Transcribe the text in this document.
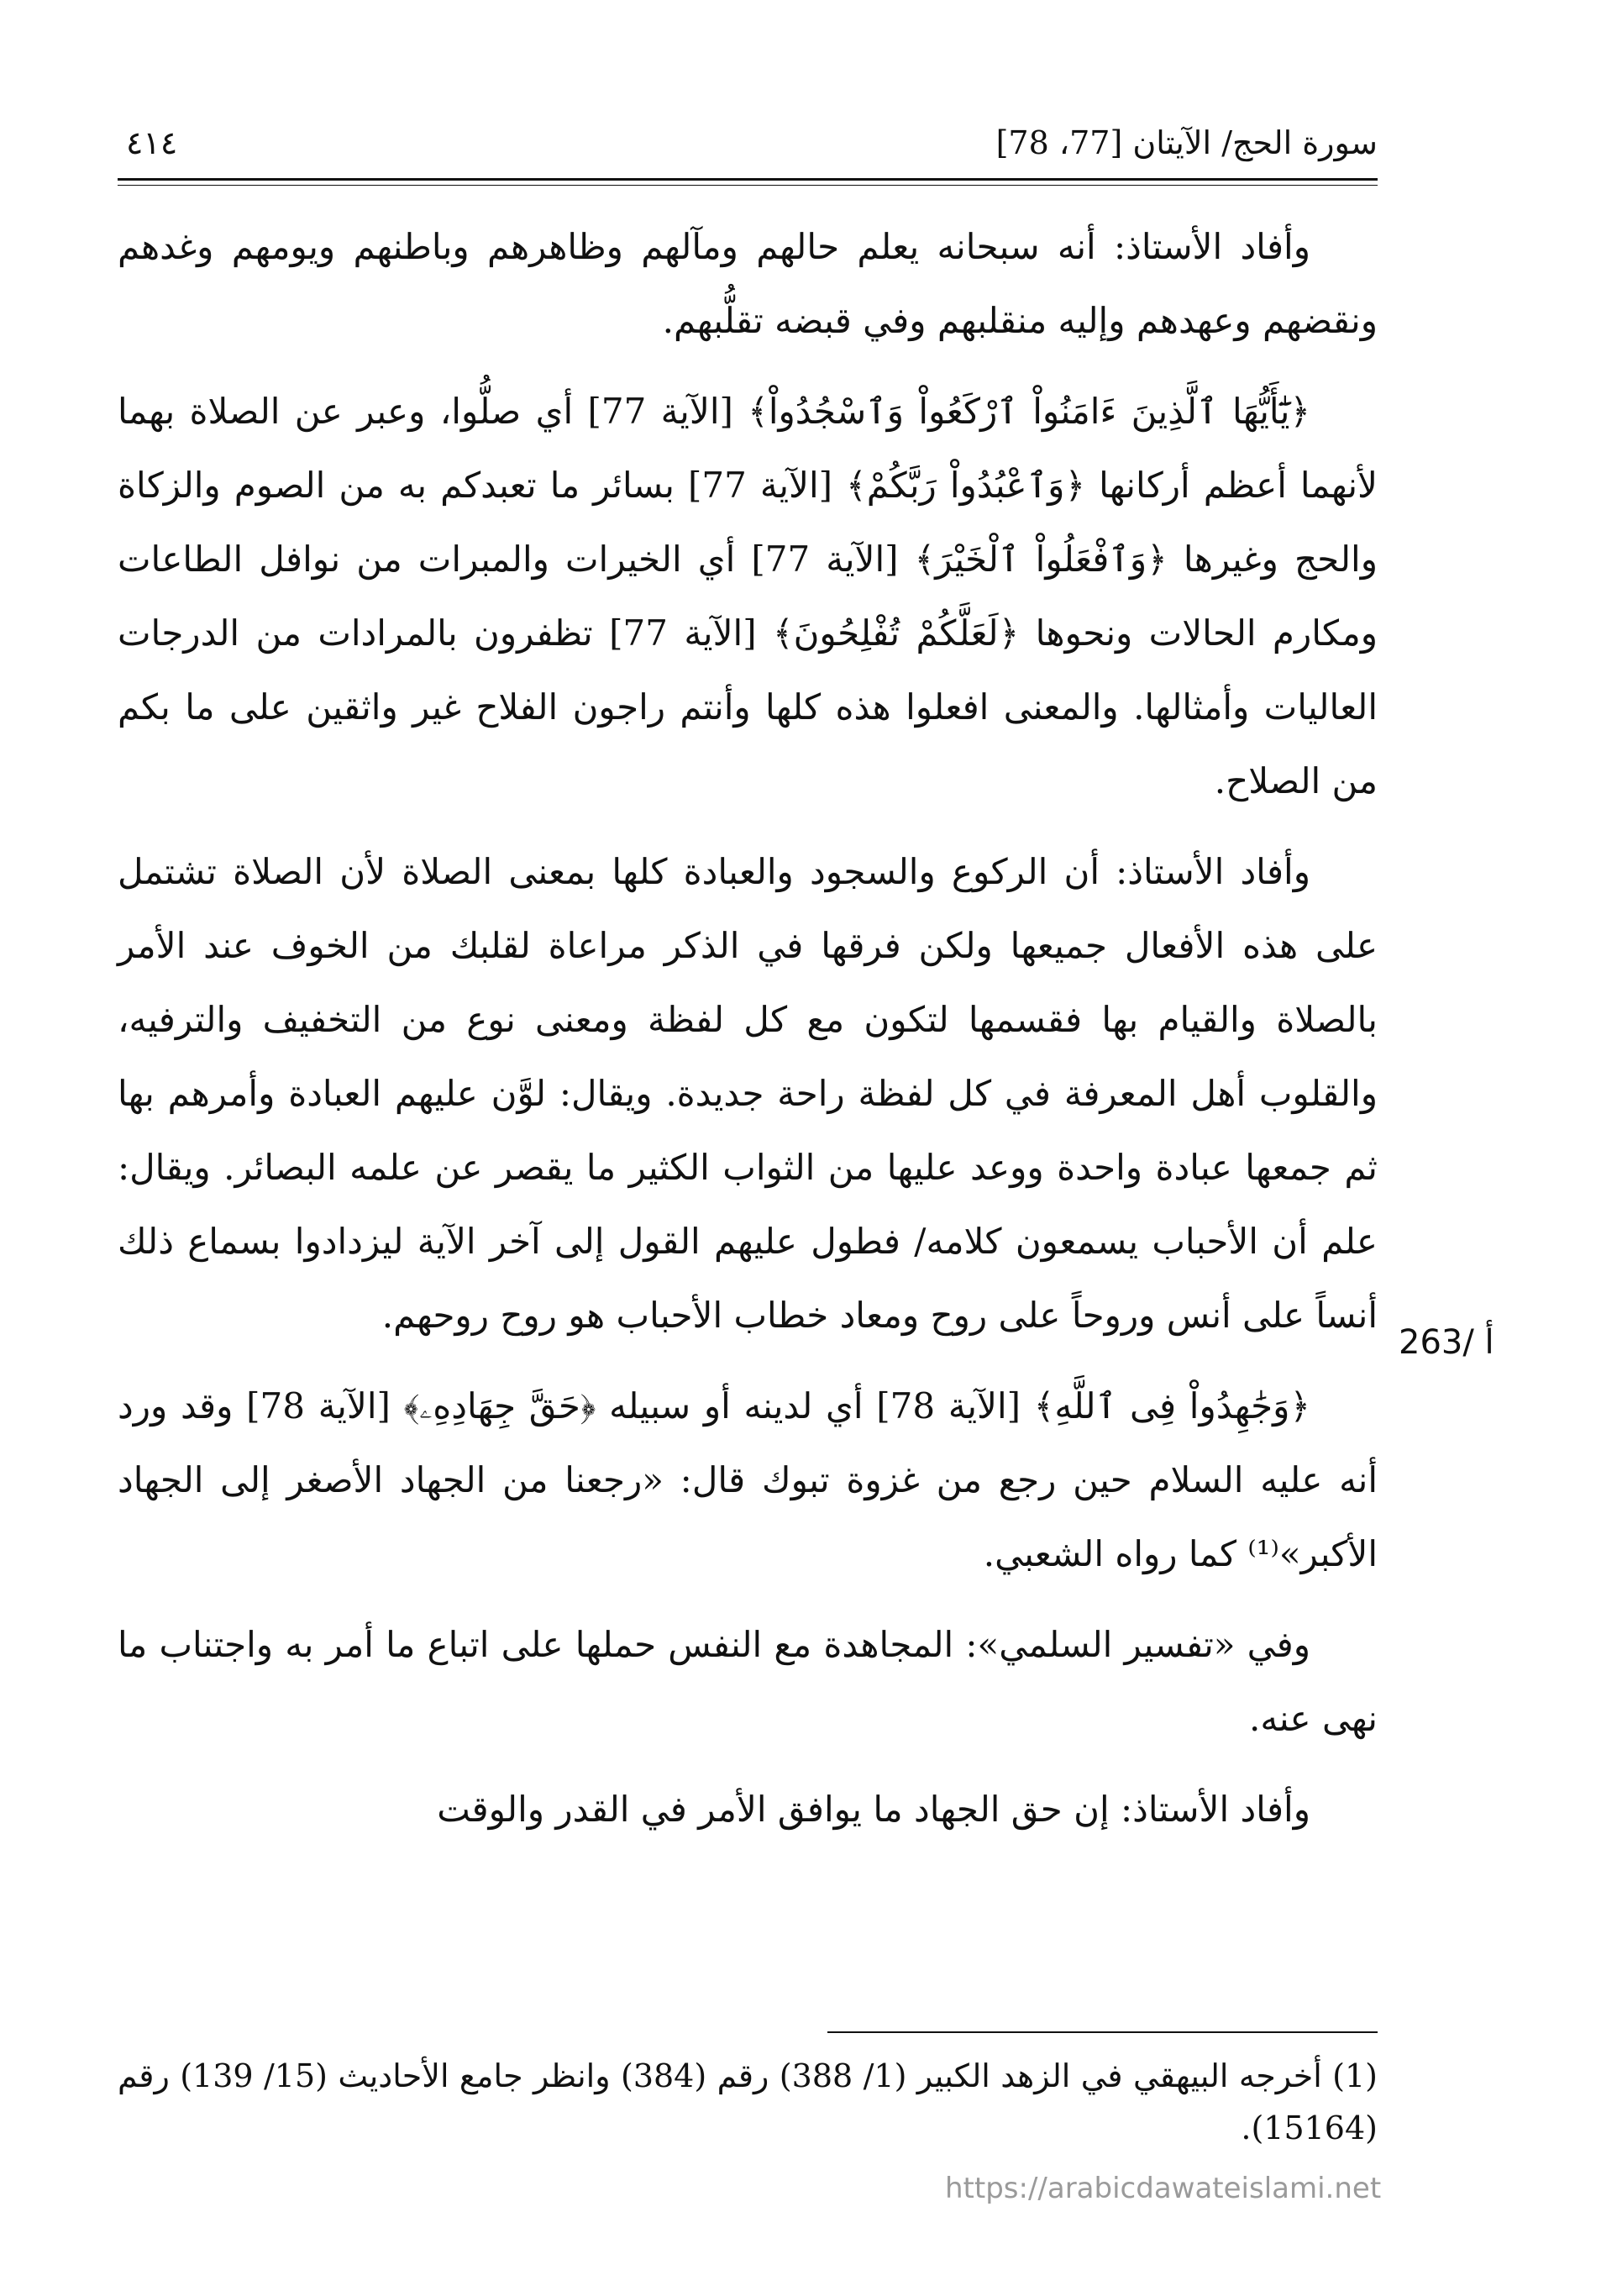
سورة الحج/ الآيتان [77، 78]
٤١٤

وأفاد الأستاذ: أنه سبحانه يعلم حالهم ومآلهم وظاهرهم وباطنهم ويومهم وغدهم ونقضهم وعهدهم وإليه منقلبهم وفي قبضه تقلُّبهم.

﴿يَٰٓأَيُّهَا ٱلَّذِينَ ءَامَنُواْ ٱرْكَعُواْ وَٱسْجُدُواْ﴾ [الآية 77] أي صلُّوا، وعبر عن الصلاة بهما لأنهما أعظم أركانها ﴿وَٱعْبُدُواْ رَبَّكُمْ﴾ [الآية 77] بسائر ما تعبدكم به من الصوم والزكاة والحج وغيرها ﴿وَٱفْعَلُواْ ٱلْخَيْرَ﴾ [الآية 77] أي الخيرات والمبرات من نوافل الطاعات ومكارم الحالات ونحوها ﴿لَعَلَّكُمْ تُفْلِحُونَ﴾ [الآية 77] تظفرون بالمرادات من الدرجات العاليات وأمثالها. والمعنى افعلوا هذه كلها وأنتم راجون الفلاح غير واثقين على ما بكم من الصلاح.

وأفاد الأستاذ: أن الركوع والسجود والعبادة كلها بمعنى الصلاة لأن الصلاة تشتمل على هذه الأفعال جميعها ولكن فرقها في الذكر مراعاة لقلبك من الخوف عند الأمر بالصلاة والقيام بها فقسمها لتكون مع كل لفظة ومعنى نوع من التخفيف والترفيه، والقلوب أهل المعرفة في كل لفظة راحة جديدة. ويقال: لوَّن عليهم العبادة وأمرهم بها ثم جمعها عبادة واحدة ووعد عليها من الثواب الكثير ما يقصر عن علمه البصائر. ويقال: علم أن الأحباب يسمعون كلامه/ فطول عليهم القول إلى آخر الآية ليزدادوا بسماع ذلك أنساً على أنس وروحاً على روح ومعاد خطاب الأحباب هو روح روحهم.

﴿وَجَٰهِدُواْ فِى ٱللَّهِ﴾ [الآية 78] أي لدينه أو سبيله ﴿حَقَّ جِهَادِهِۦ﴾ [الآية 78] وقد ورد أنه عليه السلام حين رجع من غزوة تبوك قال: «رجعنا من الجهاد الأصغر إلى الجهاد الأكبر»⁽¹⁾ كما رواه الشعبي.

وفي «تفسير السلمي»: المجاهدة مع النفس حملها على اتباع ما أمر به واجتناب ما نهى عنه.

وأفاد الأستاذ: إن حق الجهاد ما يوافق الأمر في القدر والوقت

263/ أ
(1) أخرجه البيهقي في الزهد الكبير (1/ 388) رقم (384) وانظر جامع الأحاديث (15/ 139) رقم (15164).
https://arabicdawateislami.net
